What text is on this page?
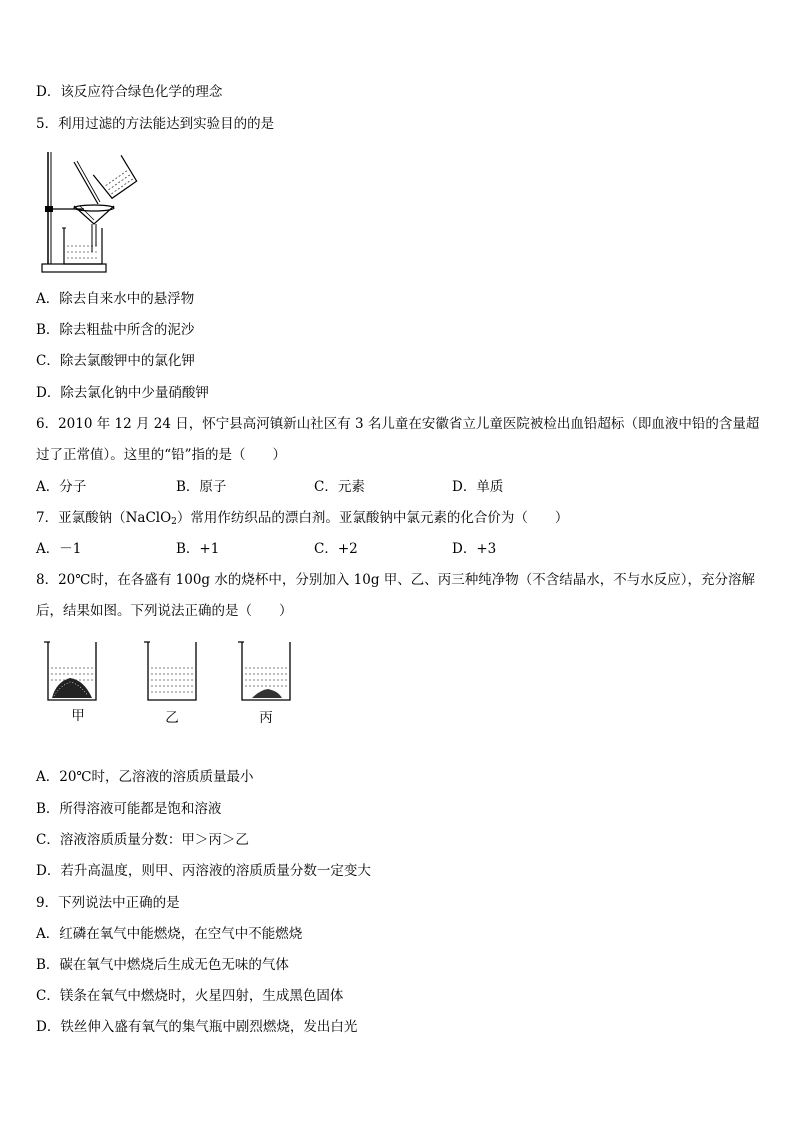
D．该反应符合绿色化学的理念
5．利用过滤的方法能达到实验目的的是
A．除去自来水中的悬浮物
B．除去粗盐中所含的泥沙
C．除去氯酸钾中的氯化钾
D．除去氯化钠中少量硝酸钾
6．2010 年 12 月 24 日，怀宁县高河镇新山社区有 3 名儿童在安徽省立儿童医院被检出血铅超标（即血液中铅的含量超
过了正常值）。这里的“铅”指的是（　　）
A．分子	B．原子	C．元素	D．单质
7．亚氯酸钠（NaClO$_2$）常用作纺织品的漂白剂。亚氯酸钠中氯元素的化合价为（　　）
A．－1	B．+1	C．+2	D．+3
8．20℃时，在各盛有 100g 水的烧杯中，分别加入 10g 甲、乙、丙三种纯净物（不含结晶水，不与水反应），充分溶解
后，结果如图。下列说法正确的是（　　）
甲	乙	丙
A．20℃时，乙溶液的溶质质量最小
B．所得溶液可能都是饱和溶液
C．溶液溶质质量分数：甲＞丙＞乙
D．若升高温度，则甲、丙溶液的溶质质量分数一定变大
9．下列说法中正确的是
A．红磷在氧气中能燃烧，在空气中不能燃烧
B．碳在氧气中燃烧后生成无色无味的气体
C．镁条在氧气中燃烧时，火星四射，生成黑色固体
D．铁丝伸入盛有氧气的集气瓶中剧烈燃烧，发出白光
